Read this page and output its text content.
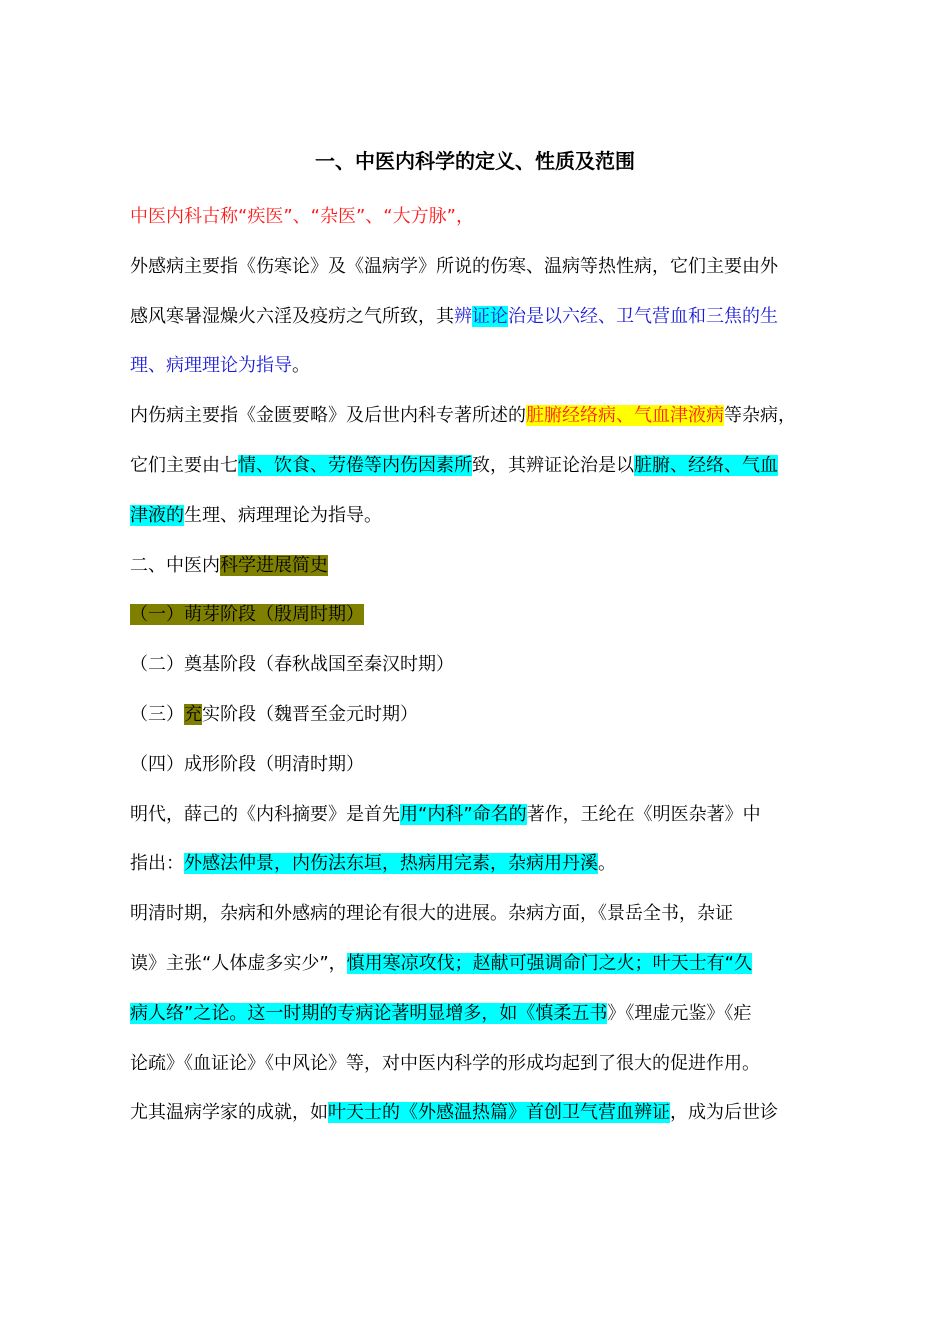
一、中医内科学的定义、性质及范围
中医内科古称“疾医”、“杂医”、“大方脉”，
外感病主要指《伤寒论》及《温病学》所说的伤寒、温病等热性病，它们主要由外
感风寒暑湿燥火六淫及疫疠之气所致，其辨证论治是以六经、卫气营血和三焦的生
理、病理理论为指导。
内伤病主要指《金匮要略》及后世内科专著所述的脏腑经络病、气血津液病等杂病，
它们主要由七情、饮食、劳倦等内伤因素所致，其辨证论治是以脏腑、经络、气血
津液的生理、病理理论为指导。
二、中医内科学进展简史
（一）萌芽阶段（殷周时期）
（二）奠基阶段（春秋战国至秦汉时期）
（三）充实阶段（魏晋至金元时期）
（四）成形阶段（明清时期）
明代，薛己的《内科摘要》是首先用“内科”命名的著作，王纶在《明医杂著》中
指出：外感法仲景，内伤法东垣，热病用完素，杂病用丹溪。
明清时期，杂病和外感病的理论有很大的进展。杂病方面，《景岳全书，杂证
谟》主张“人体虚多实少”，慎用寒凉攻伐；赵献可强调命门之火；叶天士有“久
病人络”之论。这一时期的专病论著明显增多，如《慎柔五书》《理虚元鉴》《疟
论疏》《血证论》《中风论》等，对中医内科学的形成均起到了很大的促进作用。
尤其温病学家的成就，如叶天士的《外感温热篇》首创卫气营血辨证，成为后世诊
